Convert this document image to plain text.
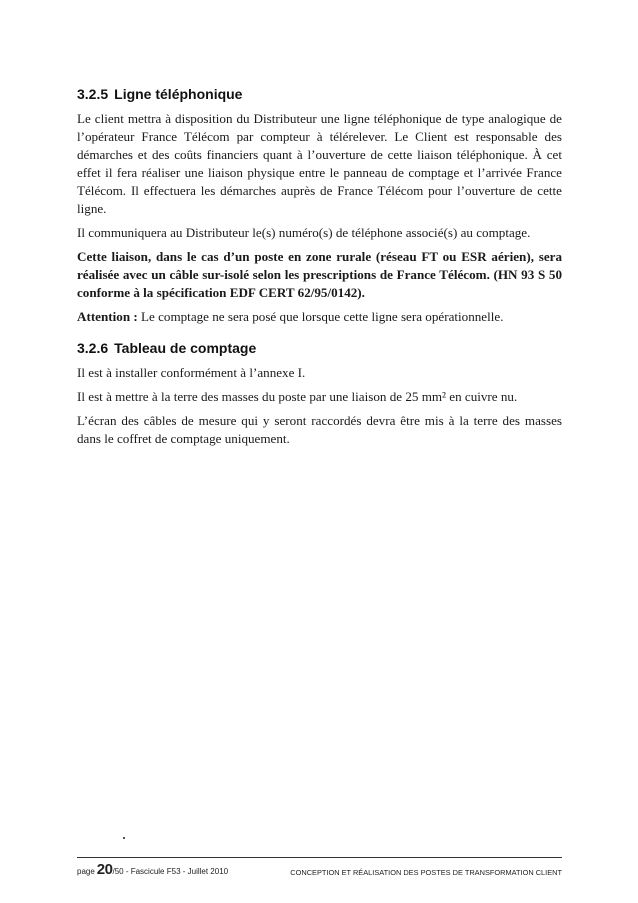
3.2.5 Ligne téléphonique

Le client mettra à disposition du Distributeur une ligne téléphonique de type analogique de l’opérateur France Télécom par compteur à télérelever. Le Client est responsable des démarches et des coûts financiers quant à l’ouverture de cette liaison téléphonique. À cet effet il fera réaliser une liaison physique entre le panneau de comptage et l’arrivée France Télécom. Il effectuera les démarches auprès de France Télécom pour l’ouverture de cette ligne.

Il communiquera au Distributeur le(s) numéro(s) de téléphone associé(s) au comptage.

Cette liaison, dans le cas d’un poste en zone rurale (réseau FT ou ESR aérien), sera réalisée avec un câble sur-isolé selon les prescriptions de France Télécom. (HN 93 S 50 conforme à la spécification EDF CERT 62/95/0142).

Attention : Le comptage ne sera posé que lorsque cette ligne sera opérationnelle.

3.2.6 Tableau de comptage

Il est à installer conformément à l’annexe I.

Il est à mettre à la terre des masses du poste par une liaison de 25 mm² en cuivre nu.

L’écran des câbles de mesure qui y seront raccordés devra être mis à la terre des masses dans le coffret de comptage uniquement.

page 20/50 - Fascicule F53 - Juillet 2010	CONCEPTION ET RÉALISATION DES POSTES DE TRANSFORMATION CLIENT
